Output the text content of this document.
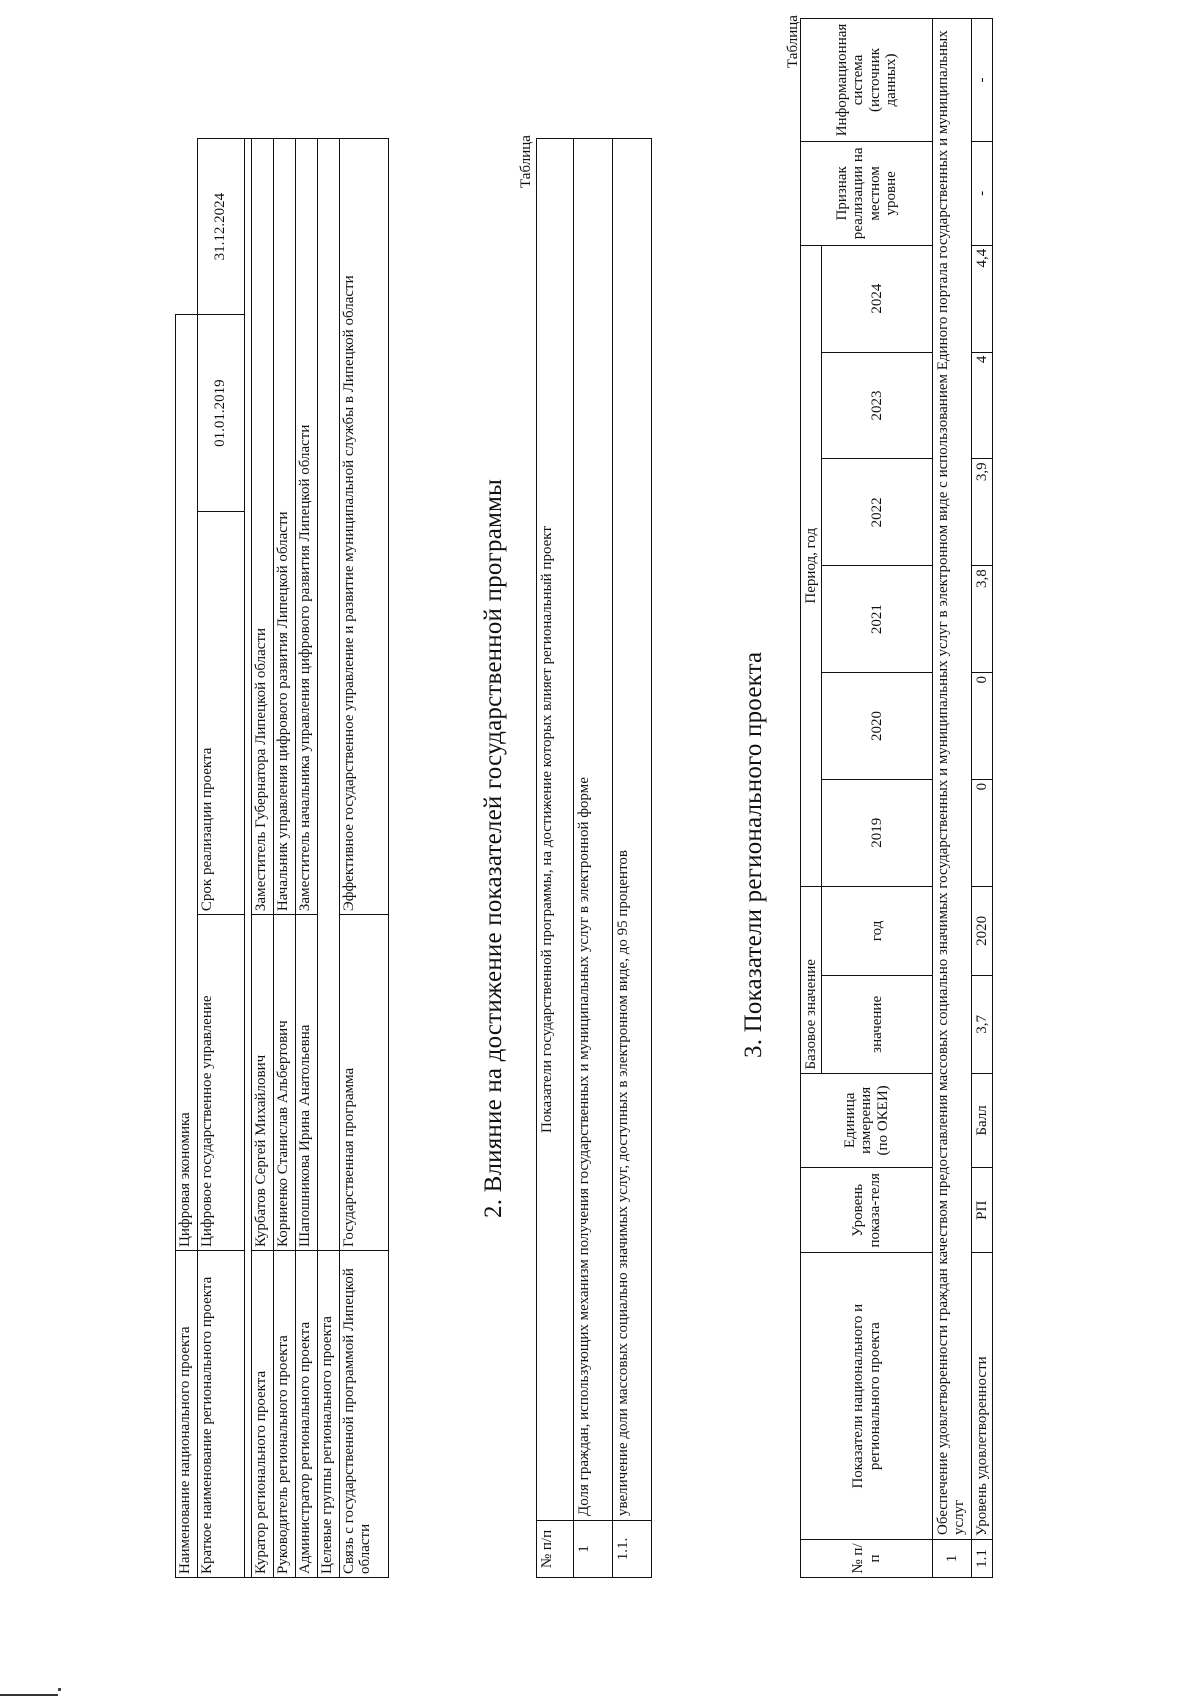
Наименование национального проекта	Цифровая экономика			
Краткое наименование регионального проекта	Цифровое государственное управление	Срок реализации проекта	01.01.2019	31.12.2024

Куратор регионального проекта	Курбатов Сергей Михайлович	Заместитель Губернатора Липецкой области		
Руководитель регионального проекта	Корниенко Станислав Альбертович	Начальник управления цифрового развития Липецкой области		
Администратор регионального проекта	Шапошникова Ирина Анатольевна	Заместитель начальника управления цифрового развития Липецкой области		
Целевые группы регионального проекта				
Связь с государственной программой Липецкой области	Государственная программа	Эффективное государственное управление и развитие муниципальной службы в Липецкой области			2. Влияние на достижение показателей государственной программы
Таблица
№ п/п	Показатели государственной программы, на достижение которых влияет региональный проект
1	Доля граждан, использующих механизм получения государственных и муниципальных услуг в электронной форме
1.1.	увеличение доли массовых социально значимых услуг, доступных в электронном виде, до 95 процентов	3. Показатели регионального проекта
Таблица
№ п/п	Показатели национального и регионального проекта	Уровень показа-теля	Единица измерения (по ОКЕИ)	Базовое значение		Период, год						Признак реализации на местном уровне	Информационная система (источник данных)
				значение	год	2019	2020	2021	2022	2023	2024		
1	Обеспечение удовлетворенности граждан качеством предоставления массовых социально значимых государственных и муниципальных услуг в электронном виде с использованием Единого портала государственных и муниципальных услуг												
1.1	Уровень удовлетворенности	РП	Балл	3,7	2020	0	0	3,8	3,9	4	4,4	-	-
